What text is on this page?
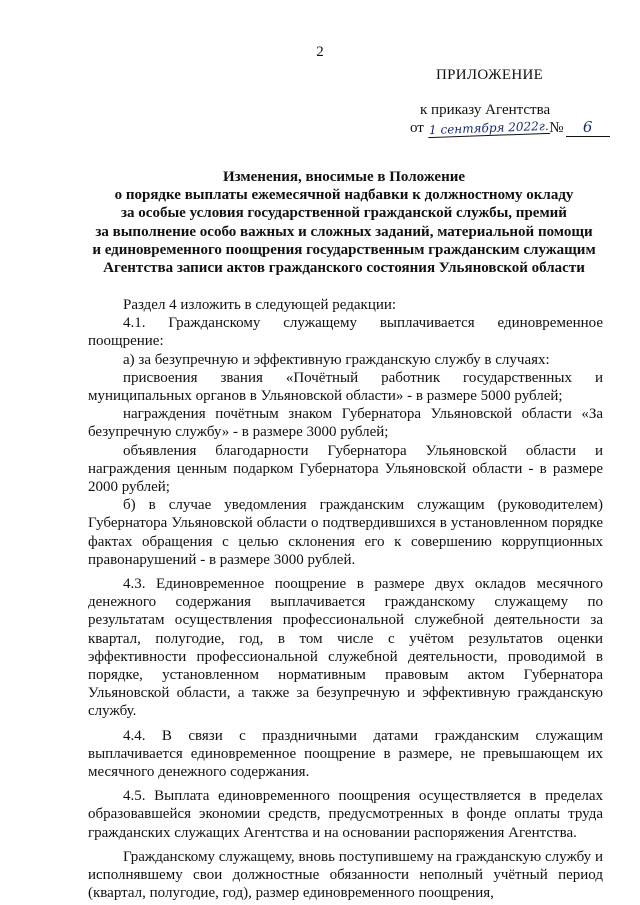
2
ПРИЛОЖЕНИЕ
к приказу Агентства
от 1 сентября 2022г.№ 6
Изменения, вносимые в Положение
о порядке выплаты ежемесячной надбавки к должностному окладу
за особые условия государственной гражданской службы, премий
за выполнение особо важных и сложных заданий, материальной помощи
и единовременного поощрения государственным гражданским служащим
Агентства записи актов гражданского состояния Ульяновской области

Раздел 4 изложить в следующей редакции:

4.1. Гражданскому служащему выплачивается единовременное поощрение:

а) за безупречную и эффективную гражданскую службу в случаях:

присвоения звания «Почётный работник государственных и муниципальных органов в Ульяновской области» - в размере 5000 рублей;

награждения почётным знаком Губернатора Ульяновской области «За безупречную службу» - в размере 3000 рублей;

объявления благодарности Губернатора Ульяновской области и награждения ценным подарком Губернатора Ульяновской области - в размере 2000 рублей;

б) в случае уведомления гражданским служащим (руководителем) Губернатора Ульяновской области о подтвердившихся в установленном порядке фактах обращения с целью склонения его к совершению коррупционных правонарушений - в размере 3000 рублей.

4.3. Единовременное поощрение в размере двух окладов месячного денежного содержания выплачивается гражданскому служащему по результатам осуществления профессиональной служебной деятельности за квартал, полугодие, год, в том числе с учётом результатов оценки эффективности профессиональной служебной деятельности, проводимой в порядке, установленном нормативным правовым актом Губернатора Ульяновской области, а также за безупречную и эффективную гражданскую службу.

4.4. В связи с праздничными датами гражданским служащим выплачивается единовременное поощрение в размере, не превышающем их месячного денежного содержания.

4.5. Выплата единовременного поощрения осуществляется в пределах образовавшейся экономии средств, предусмотренных в фонде оплаты труда гражданских служащих Агентства и на основании распоряжения Агентства.

Гражданскому служащему, вновь поступившему на гражданскую службу и исполнявшему свои должностные обязанности неполный учётный период (квартал, полугодие, год), размер единовременного поощрения,
